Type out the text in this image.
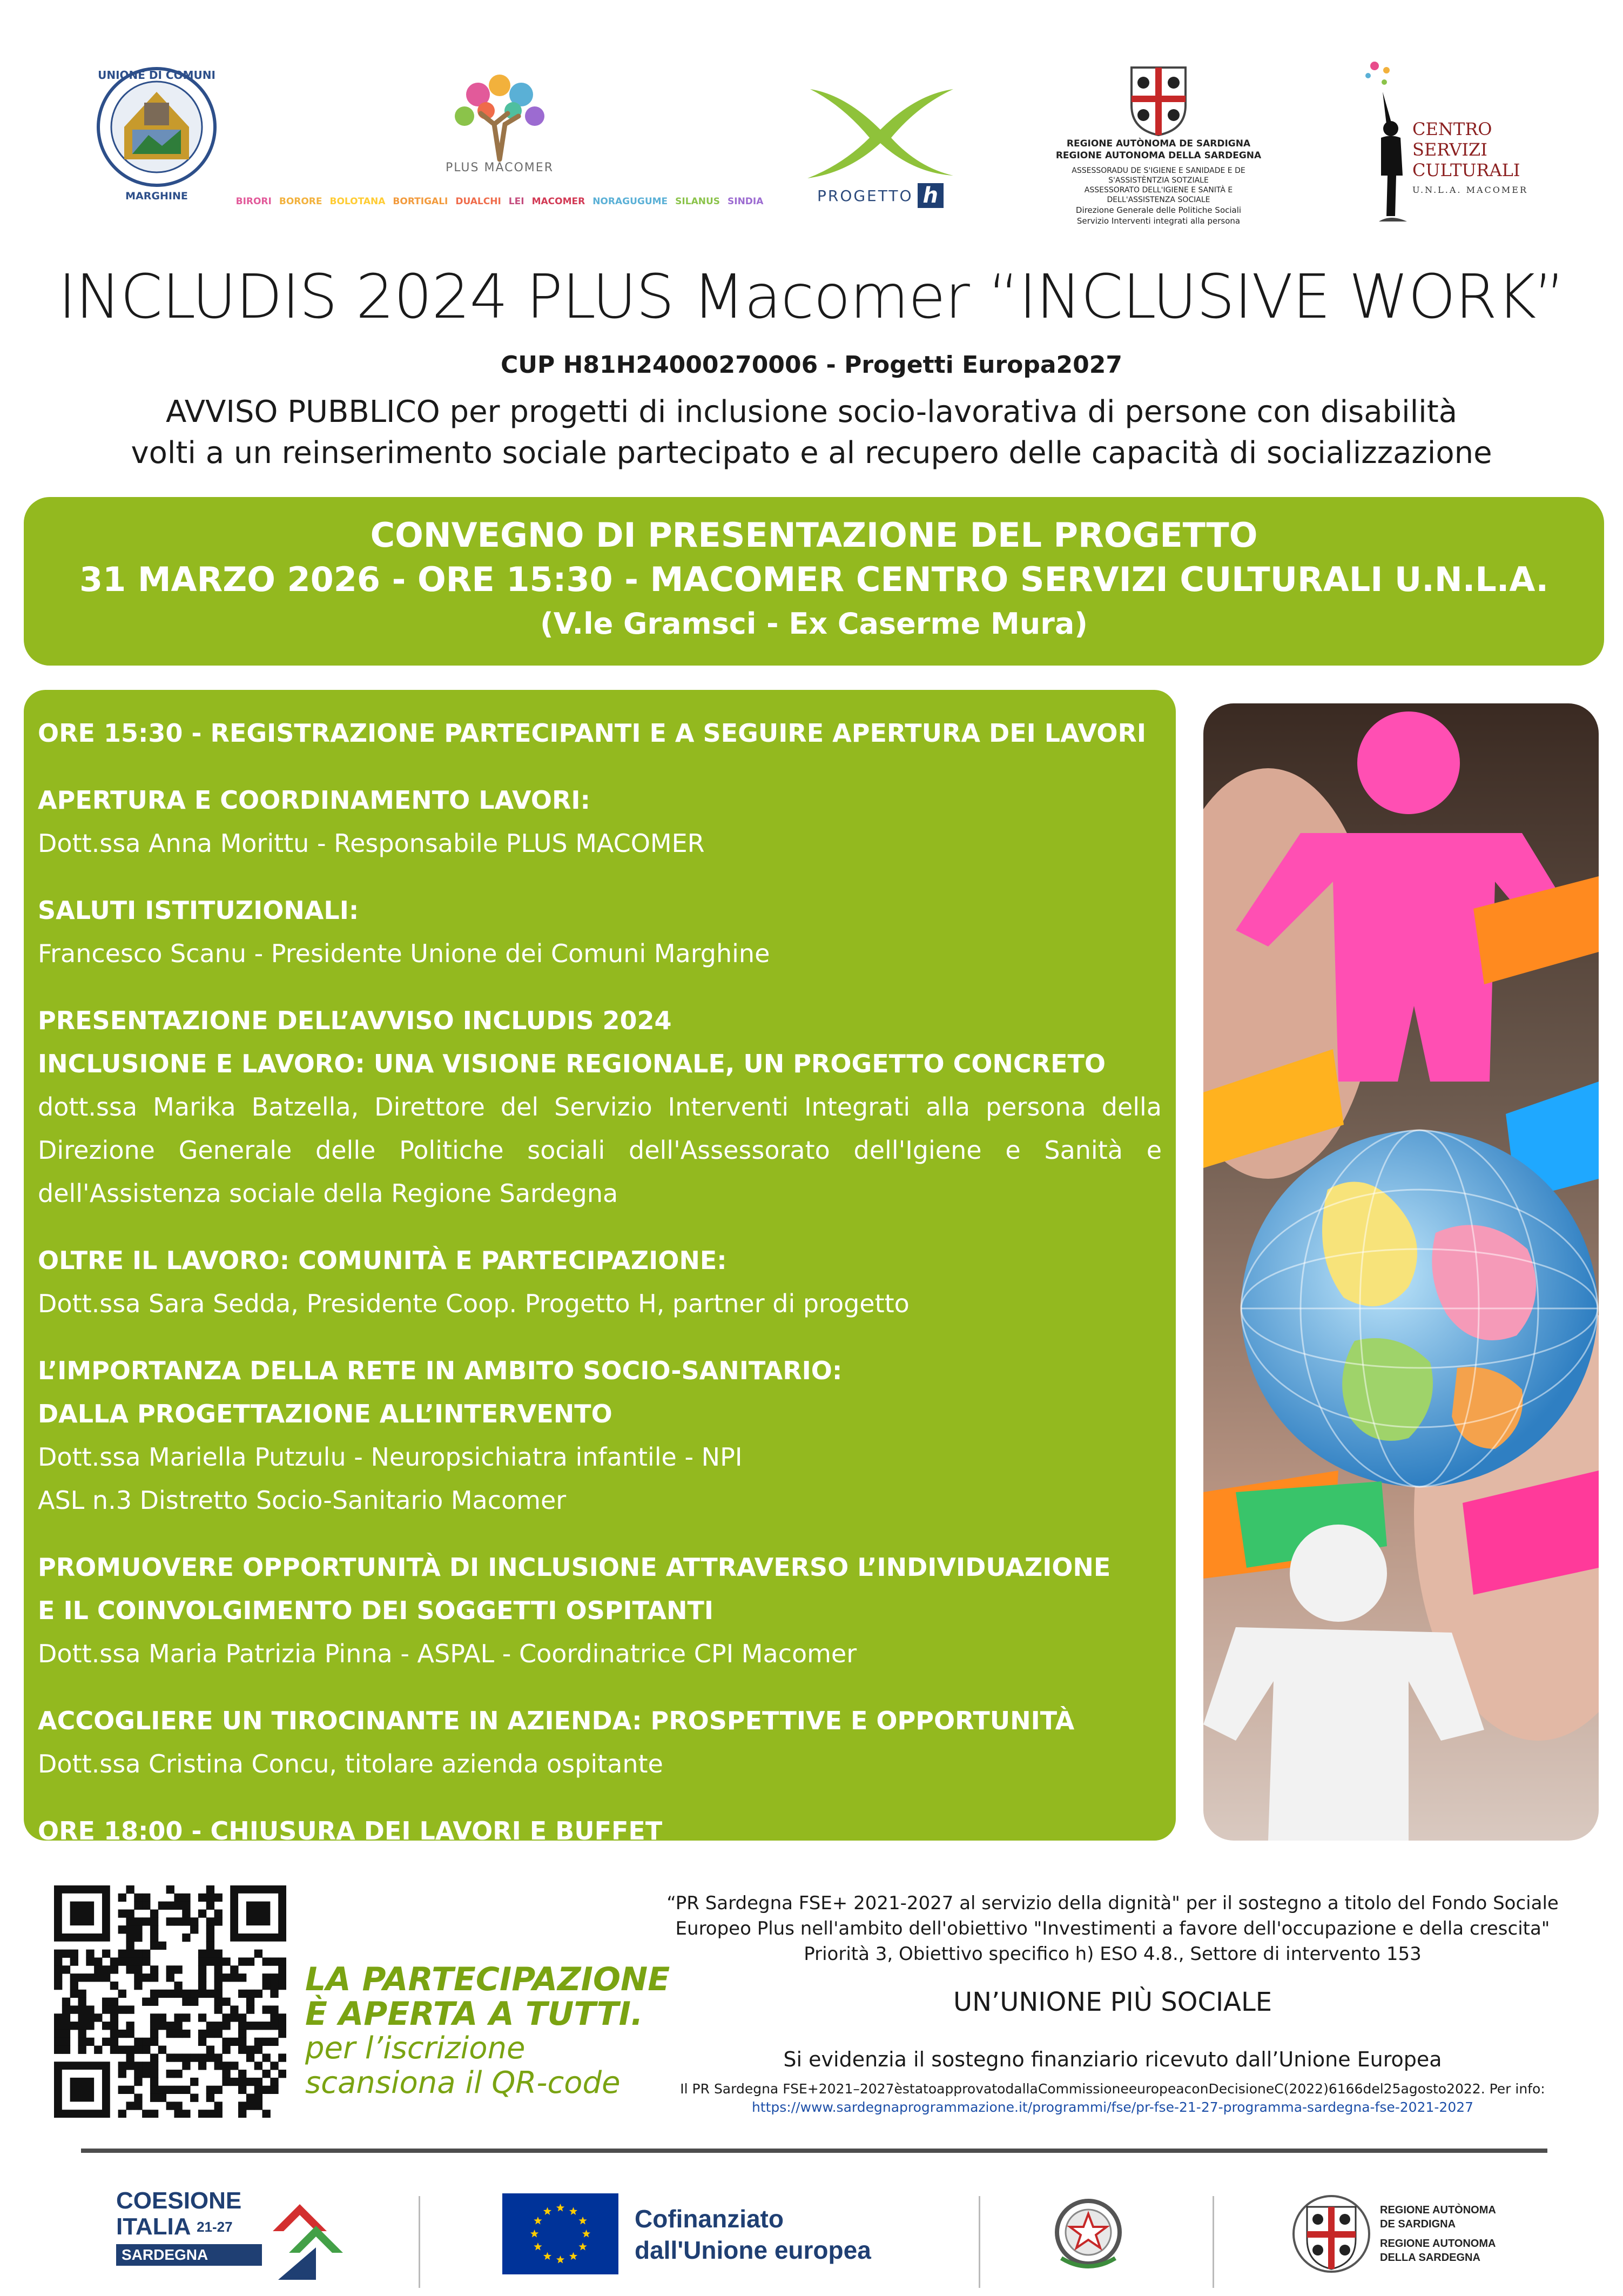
UNIONE DI COMUNI
MARGHINE
PLUS MACOMER
BIRORI BORORE BOLOTANA BORTIGALI DUALCHI LEI MACOMER NORAGUGUME SILANUS SINDIA	PROGETTO h
REGIONE AUTÒNOMA DE SARDIGNA
REGIONE AUTONOMA DELLA SARDEGNA
ASSESSORADU DE S'IGIENE E SANIDADE E DE S'ASSISTÈNTZIA SOTZIALE
ASSESSORATO DELL'IGIENE E SANITÀ E DELL'ASSISTENZA SOCIALE
Direzione Generale delle Politiche Sociali
Servizio Interventi integrati alla persona
CENTRO
SERVIZI
CULTURALI
U.N.L.A. MACOMER
INCLUDIS 2024 PLUS Macomer “INCLUSIVE WORK”
CUP H81H24000270006 - Progetti Europa2027
AVVISO PUBBLICO per progetti di inclusione socio-lavorativa di persone con disabilità
volti a un reinserimento sociale partecipato e al recupero delle capacità di socializzazione
CONVEGNO DI PRESENTAZIONE DEL PROGETTO
31 MARZO 2026 - ORE 15:30 - MACOMER CENTRO SERVIZI CULTURALI U.N.L.A.
(V.le Gramsci - Ex Caserme Mura)
ORE 15:30 - REGISTRAZIONE PARTECIPANTI E A SEGUIRE APERTURA DEI LAVORI
APERTURA E COORDINAMENTO LAVORI:
Dott.ssa Anna Morittu - Responsabile PLUS MACOMER
SALUTI ISTITUZIONALI:
Francesco Scanu - Presidente Unione dei Comuni Marghine
PRESENTAZIONE DELL’AVVISO INCLUDIS 2024
INCLUSIONE E LAVORO: UNA VISIONE REGIONALE, UN PROGETTO CONCRETO
dott.ssa Marika Batzella, Direttore del Servizio Interventi Integrati alla persona della Direzione Generale delle Politiche sociali dell'Assessorato dell'Igiene e Sanità e dell'Assistenza sociale della Regione Sardegna
OLTRE IL LAVORO: COMUNITÀ E PARTECIPAZIONE:
Dott.ssa Sara Sedda, Presidente Coop. Progetto H, partner di progetto
L’IMPORTANZA DELLA RETE IN AMBITO SOCIO-SANITARIO:
DALLA PROGETTAZIONE ALL’INTERVENTO
Dott.ssa Mariella Putzulu - Neuropsichiatra infantile - NPI
ASL n.3 Distretto Socio-Sanitario Macomer
PROMUOVERE OPPORTUNITÀ DI INCLUSIONE ATTRAVERSO L’INDIVIDUAZIONE
E IL COINVOLGIMENTO DEI SOGGETTI OSPITANTI
Dott.ssa Maria Patrizia Pinna - ASPAL - Coordinatrice CPI Macomer
ACCOGLIERE UN TIROCINANTE IN AZIENDA: PROSPETTIVE E OPPORTUNITÀ
Dott.ssa Cristina Concu, titolare azienda ospitante
ORE 18:00 - CHIUSURA DEI LAVORI E BUFFET
LA PARTECIPAZIONE
È APERTA A TUTTI.
per l’iscrizione
scansiona il QR-code
“PR Sardegna FSE+ 2021-2027 al servizio della dignità" per il sostegno a titolo del Fondo Sociale
Europeo Plus nell'ambito dell'obiettivo "Investimenti a favore dell'occupazione e della crescita"
Priorità 3, Obiettivo specifico h) ESO 4.8., Settore di intervento 153
UN’UNIONE PIÙ SOCIALE
Si evidenzia il sostegno finanziario ricevuto dall’Unione Europea
Il PR Sardegna FSE+2021–2027èstatoapprovatodallaCommissioneeuropeaconDecisioneC(2022)6166del25agosto2022. Per info:
https://www.sardegnaprogrammazione.it/programmi/fse/pr-fse-21-27-programma-sardegna-fse-2021-2027
COESIONE
ITALIA $^{21-27}$
SARDEGNA
Cofinanziato
dall'Unione europea
REGIONE AUTÒNOMA
DE SARDIGNA
REGIONE AUTONOMA
DELLA SARDEGNA
